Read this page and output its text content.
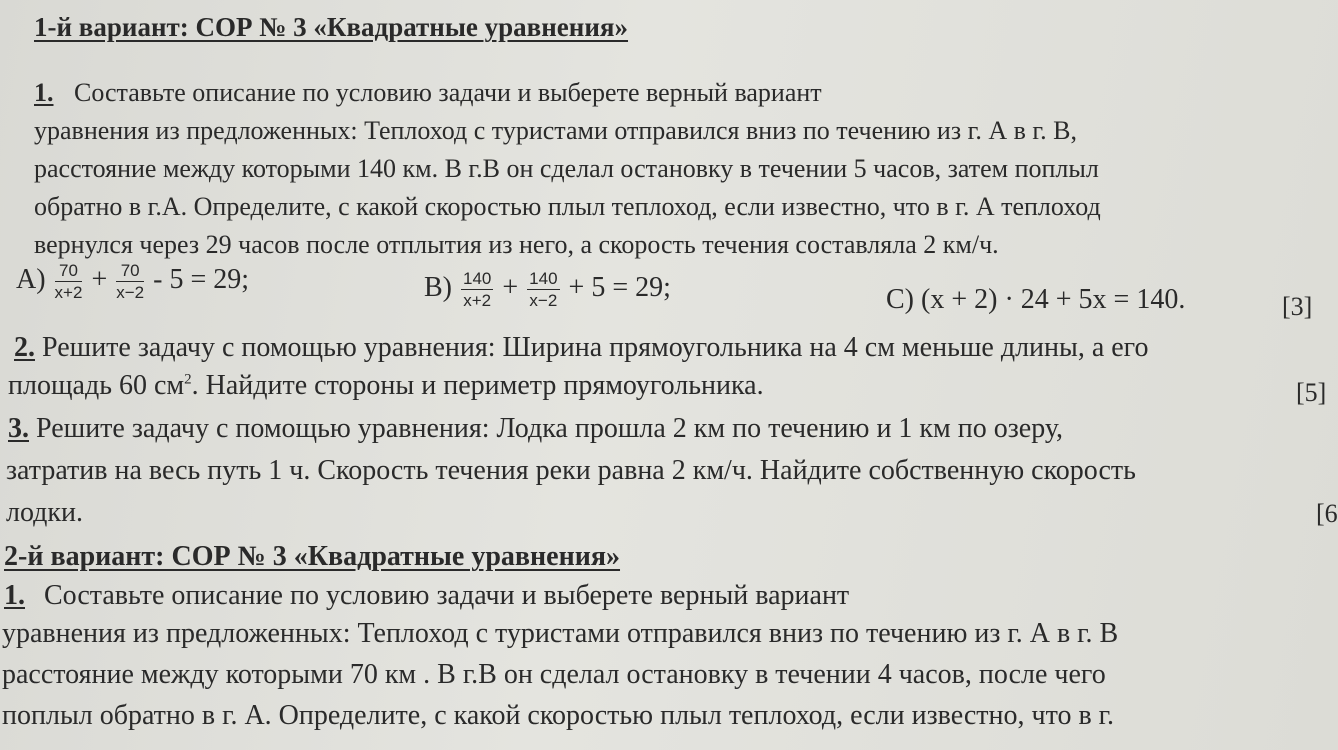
1-й вариант: СОР № 3 «Квадратные уравнения»
1. Составьте описание по условию задачи и выберете верный вариант
уравнения из предложенных: Теплоход с туристами отправился вниз по течению из г. А в г. В,
расстояние между которыми 140 км. В г.В он сделал остановку в течении 5 часов, затем поплыл
обратно в г.А. Определите, с какой скоростью плыл теплоход, если известно, что в г. А теплоход
вернулся через 29 часов после отплытия из него, а скорость течения составляла 2 км/ч.
$А) \frac{70}{x+2} + \frac{70}{x-2} - 5 = 29$;	$В) \frac{140}{x+2} + \frac{140}{x-2} + 5 = 29$;	С) (x + 2) · 24 + 5x = 140.	[3]
2. Решите задачу с помощью уравнения: Ширина прямоугольника на 4 см меньше длины, а его
площадь 60 $см^2$. Найдите стороны и периметр прямоугольника.	[5]
3. Решите задачу с помощью уравнения: Лодка прошла 2 км по течению и 1 км по озеру,
затратив на весь путь 1 ч. Скорость течения реки равна 2 км/ч. Найдите собственную скорость
лодки.	[6
2-й вариант: СОР № 3 «Квадратные уравнения»
1. Составьте описание по условию задачи и выберете верный вариант
уравнения из предложенных: Теплоход с туристами отправился вниз по течению из г. А в г. В
расстояние между которыми 70 км . В г.В он сделал остановку в течении 4 часов, после чего
поплыл обратно в г. А. Определите, с какой скоростью плыл теплоход, если известно, что в г.
